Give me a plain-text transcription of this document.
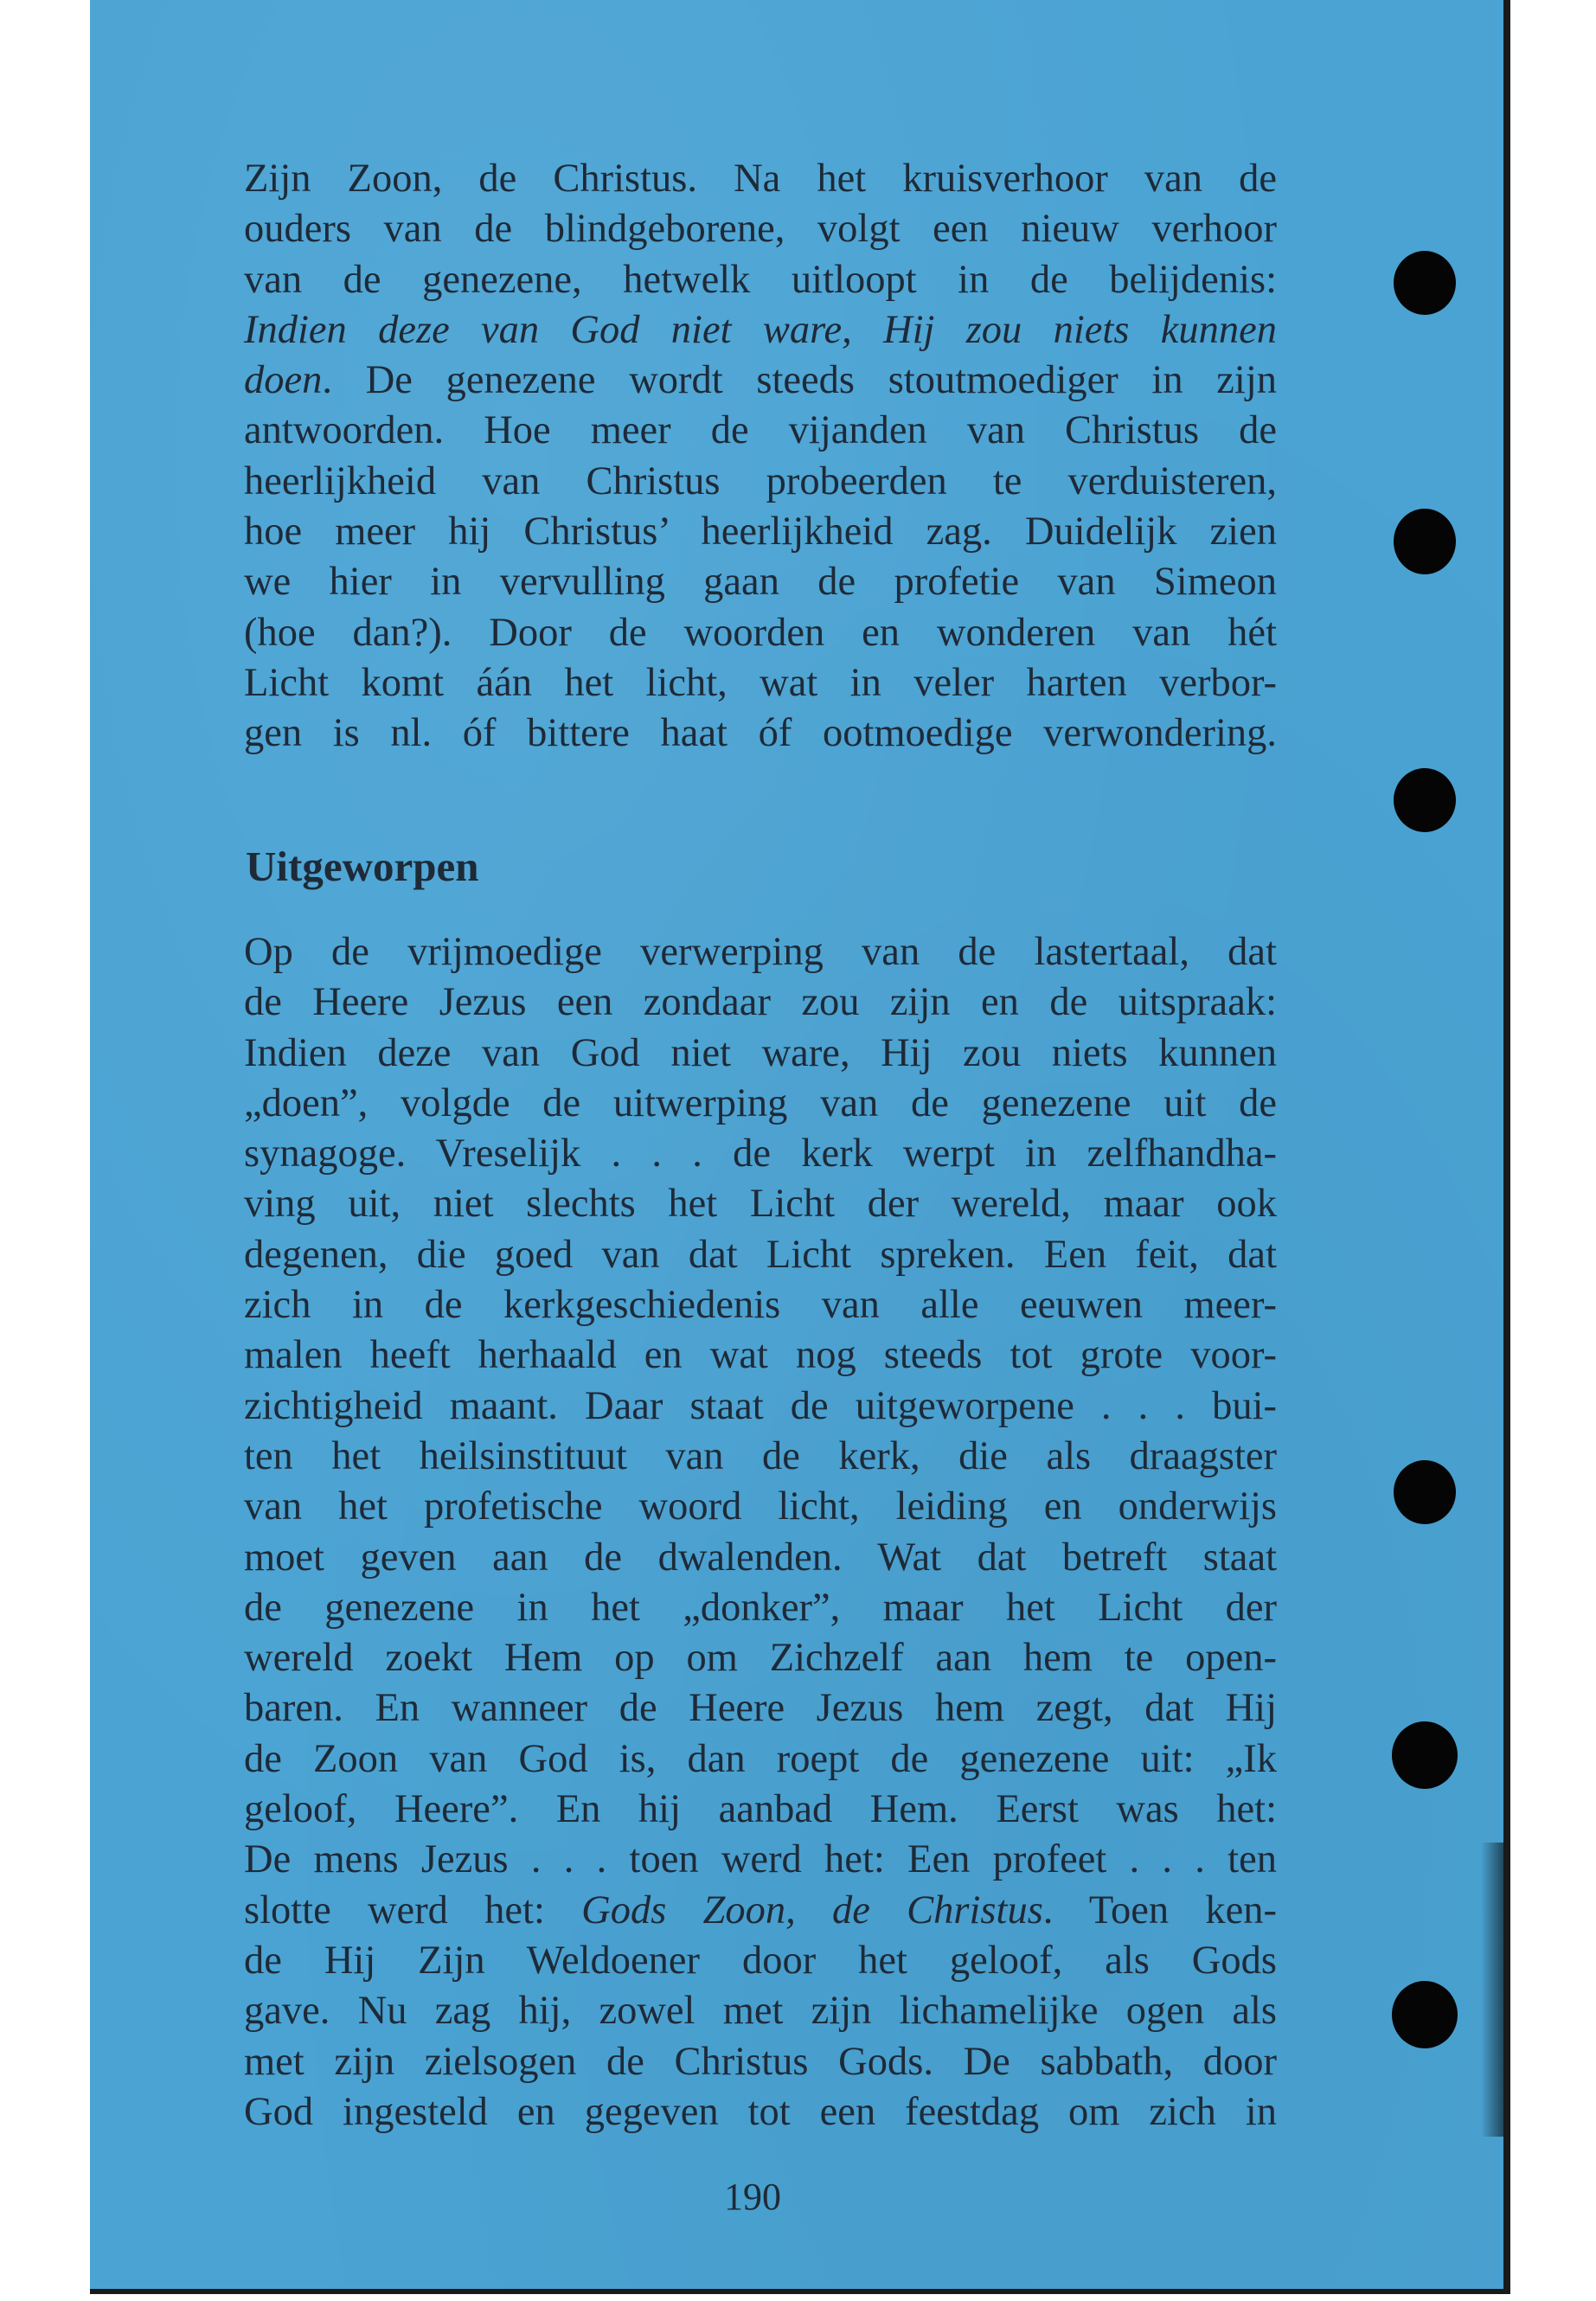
Zijn Zoon, de Christus. Na het kruisverhoor van de
ouders van de blindgeborene, volgt een nieuw verhoor
van de genezene, hetwelk uitloopt in de belijdenis:
Indien deze van God niet ware, Hij zou niets kunnen
doen. De genezene wordt steeds stoutmoediger in zijn
antwoorden. Hoe meer de vijanden van Christus de
heerlijkheid van Christus probeerden te verduisteren,
hoe meer hij Christus’ heerlijkheid zag. Duidelijk zien
we hier in vervulling gaan de profetie van Simeon
(hoe dan?). Door de woorden en wonderen van hét
Licht komt áán het licht, wat in veler harten verbor-
gen is nl. óf bittere haat óf ootmoedige verwondering.
Uitgeworpen
Op de vrijmoedige verwerping van de lastertaal, dat
de Heere Jezus een zondaar zou zijn en de uitspraak:
Indien deze van God niet ware, Hij zou niets kunnen
„doen”, volgde de uitwerping van de genezene uit de
synagoge. Vreselijk . . . de kerk werpt in zelfhandha-
ving uit, niet slechts het Licht der wereld, maar ook
degenen, die goed van dat Licht spreken. Een feit, dat
zich in de kerkgeschiedenis van alle eeuwen meer-
malen heeft herhaald en wat nog steeds tot grote voor-
zichtigheid maant. Daar staat de uitgeworpene . . . bui-
ten het heilsinstituut van de kerk, die als draagster
van het profetische woord licht, leiding en onderwijs
moet geven aan de dwalenden. Wat dat betreft staat
de genezene in het „donker”, maar het Licht der
wereld zoekt Hem op om Zichzelf aan hem te open-
baren. En wanneer de Heere Jezus hem zegt, dat Hij
de Zoon van God is, dan roept de genezene uit: „Ik
geloof, Heere”. En hij aanbad Hem. Eerst was het:
De mens Jezus . . . toen werd het: Een profeet . . . ten
slotte werd het: Gods Zoon, de Christus. Toen ken-
de Hij Zijn Weldoener door het geloof, als Gods
gave. Nu zag hij, zowel met zijn lichamelijke ogen als
met zijn zielsogen de Christus Gods. De sabbath, door
God ingesteld en gegeven tot een feestdag om zich in
190
